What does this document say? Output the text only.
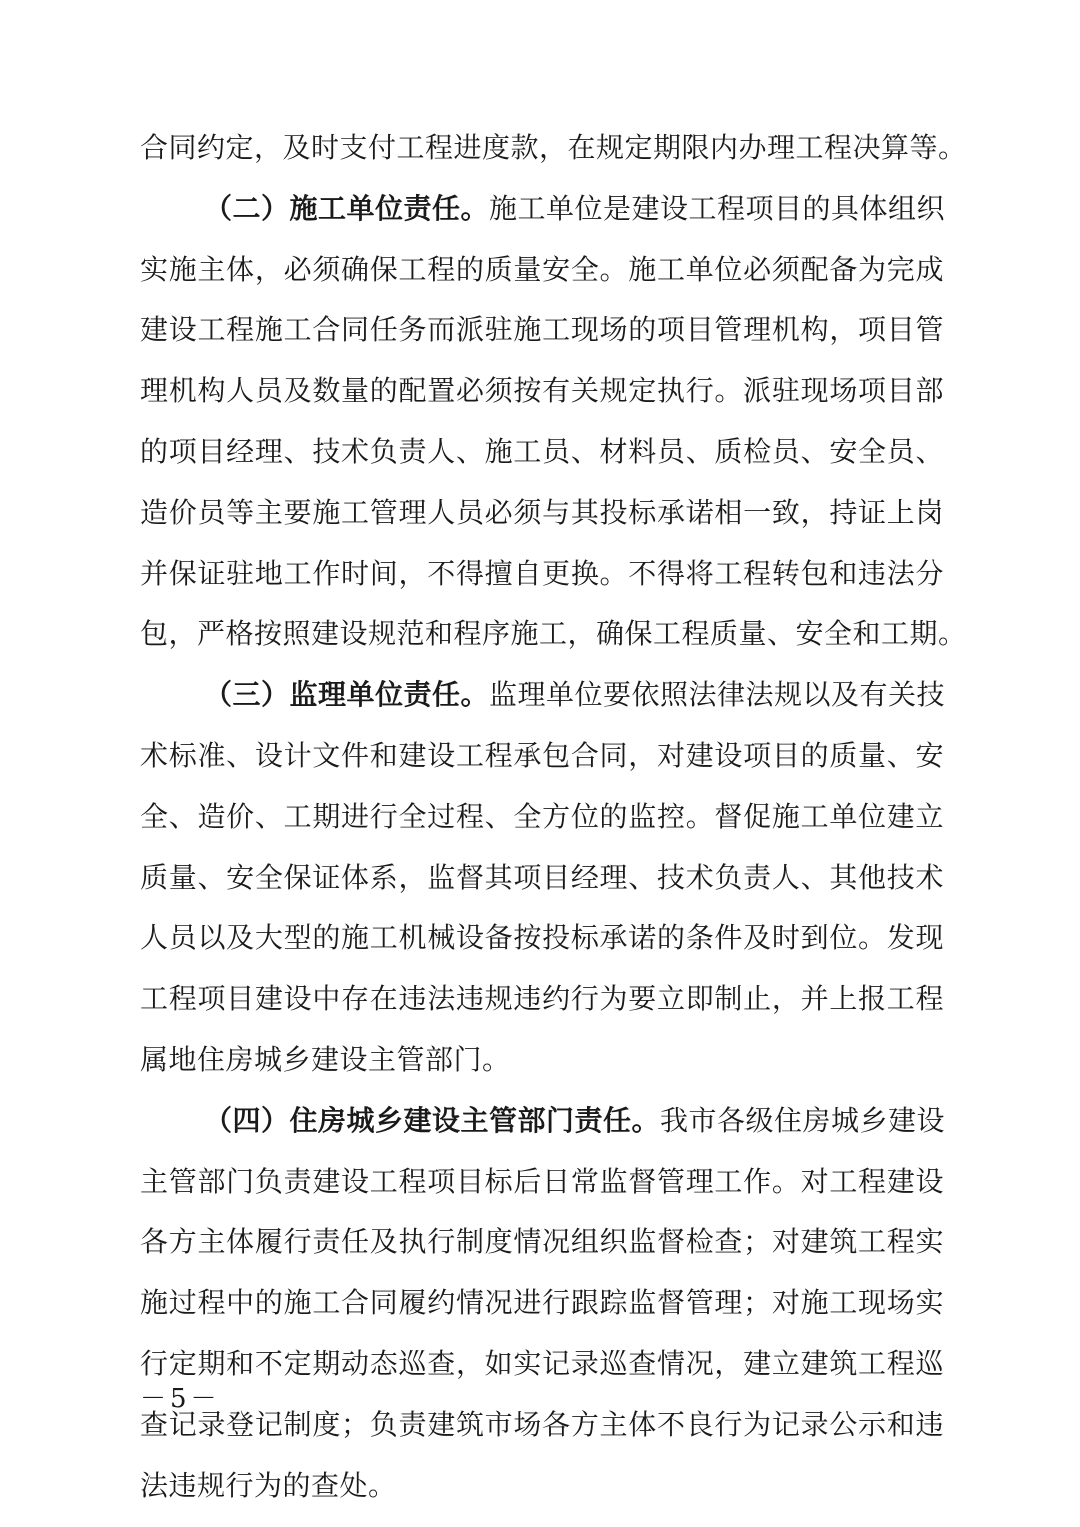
合同约定，及时支付工程进度款，在规定期限内办理工程决算等。
（二）施工单位责任。施工单位是建设工程项目的具体组织
实施主体，必须确保工程的质量安全。施工单位必须配备为完成
建设工程施工合同任务而派驻施工现场的项目管理机构，项目管
理机构人员及数量的配置必须按有关规定执行。派驻现场项目部
的项目经理、技术负责人、施工员、材料员、质检员、安全员、
造价员等主要施工管理人员必须与其投标承诺相一致，持证上岗
并保证驻地工作时间，不得擅自更换。不得将工程转包和违法分
包，严格按照建设规范和程序施工，确保工程质量、安全和工期。
（三）监理单位责任。监理单位要依照法律法规以及有关技
术标准、设计文件和建设工程承包合同，对建设项目的质量、安
全、造价、工期进行全过程、全方位的监控。督促施工单位建立
质量、安全保证体系，监督其项目经理、技术负责人、其他技术
人员以及大型的施工机械设备按投标承诺的条件及时到位。发现
工程项目建设中存在违法违规违约行为要立即制止，并上报工程
属地住房城乡建设主管部门。
（四）住房城乡建设主管部门责任。我市各级住房城乡建设
主管部门负责建设工程项目标后日常监督管理工作。对工程建设
各方主体履行责任及执行制度情况组织监督检查；对建筑工程实
施过程中的施工合同履约情况进行跟踪监督管理；对施工现场实
行定期和不定期动态巡查，如实记录巡查情况，建立建筑工程巡
查记录登记制度；负责建筑市场各方主体不良行为记录公示和违
法违规行为的查处。
－5－
